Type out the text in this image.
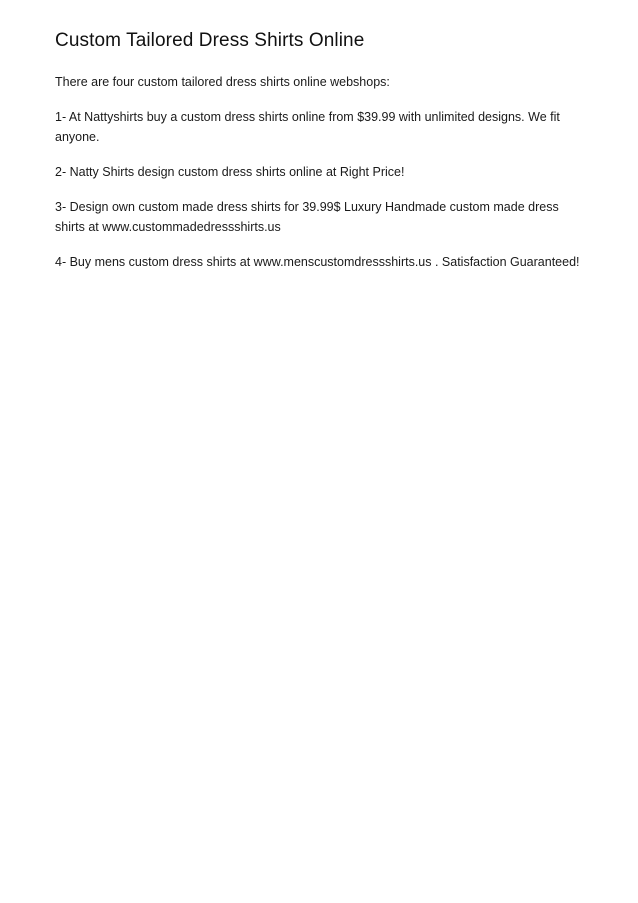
Custom Tailored Dress Shirts Online

There are four custom tailored dress shirts online webshops:

1- At Nattyshirts buy a custom dress shirts online from $39.99 with unlimited designs. We fit anyone.

2- Natty Shirts design custom dress shirts online at Right Price!

3- Design own custom made dress shirts for 39.99$ Luxury Handmade custom made dress shirts at www.custommadedressshirts.us

4- Buy mens custom dress shirts at www.menscustomdressshirts.us . Satisfaction Guaranteed!
